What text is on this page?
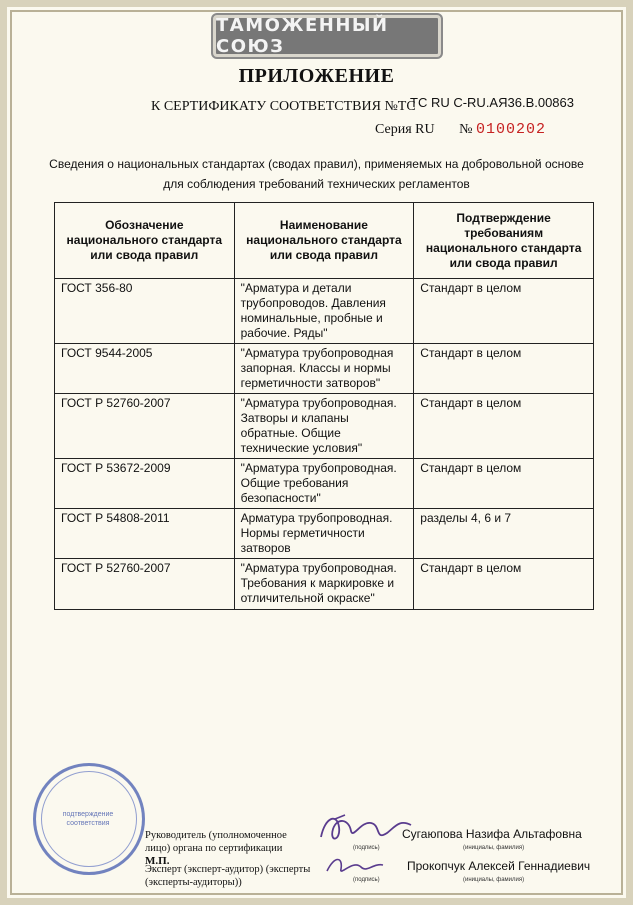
ТАМОЖЕННЫЙ СОЮЗ
ПРИЛОЖЕНИЕ
К СЕРТИФИКАТУ СООТВЕТСТВИЯ №ТС
TC RU C-RU.АЯ36.В.00863
Серия RU № 0100202
Сведения о национальных стандартах (сводах правил), применяемых на добровольной основе для соблюдения требований технических регламентов
Обозначение национального стандарта или свода правил	Наименование национального стандарта или свода правил	Подтверждение требованиям национального стандарта или свода правил
ГОСТ 356-80	"Арматура и детали трубопроводов. Давления номинальные, пробные и рабочие. Ряды"	Стандарт в целом
ГОСТ 9544-2005	"Арматура трубопроводная запорная. Классы и нормы герметичности затворов"	Стандарт в целом
ГОСТ Р 52760-2007	"Арматура трубопроводная. Затворы и клапаны обратные. Общие технические условия"	Стандарт в целом
ГОСТ Р 53672-2009	"Арматура трубопроводная. Общие требования безопасности"	Стандарт в целом
ГОСТ Р 54808-2011	Арматура трубопроводная. Нормы герметичности затворов	разделы 4, 6 и 7
ГОСТ Р 52760-2007	"Арматура трубопроводная. Требования к маркировке и отличительной окраске"	Стандарт в целом
подтверждение соответствия
Руководитель (уполномоченное лицо) органа по сертификации	(подпись)
Сугаюпова Назифа Альтафовна
(инициалы, фамилия)
М.П.
Эксперт (эксперт-аудитор) (эксперты (эксперты-аудиторы))	(подпись)
Прокопчук Алексей Геннадиевич
(инициалы, фамилия)
